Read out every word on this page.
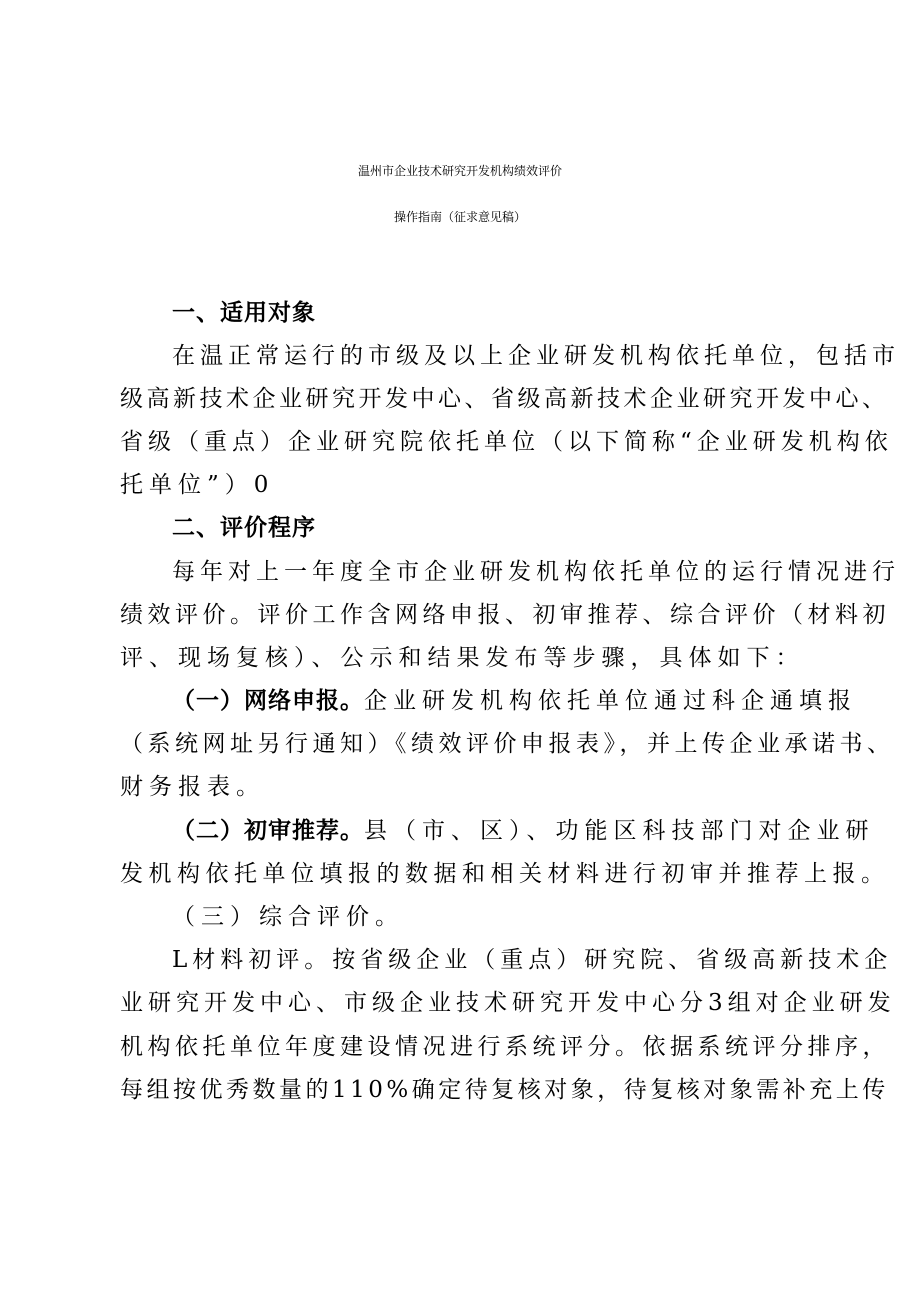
温州市企业技术研究开发机构绩效评价
操作指南（征求意见稿）
一、适用对象
在温正常运行的市级及以上企业研发机构依托单位，包括市
级高新技术企业研究开发中心、省级高新技术企业研究开发中心、
省级（重点）企业研究院依托单位（以下简称“企业研发机构依
托单位”）0
二、评价程序
每年对上一年度全市企业研发机构依托单位的运行情况进行
绩效评价。评价工作含网络申报、初审推荐、综合评价（材料初
评、现场复核）、公示和结果发布等步骤，具体如下：
（一）网络申报。企业研发机构依托单位通过科企通填报
（系统网址另行通知）《绩效评价申报表》，并上传企业承诺书、
财务报表。
（二）初审推荐。县（市、区）、功能区科技部门对企业研
发机构依托单位填报的数据和相关材料进行初审并推荐上报。
（三）综合评价。
L材料初评。按省级企业（重点）研究院、省级高新技术企
业研究开发中心、市级企业技术研究开发中心分3组对企业研发
机构依托单位年度建设情况进行系统评分。依据系统评分排序，
每组按优秀数量的110%确定待复核对象，待复核对象需补充上传
